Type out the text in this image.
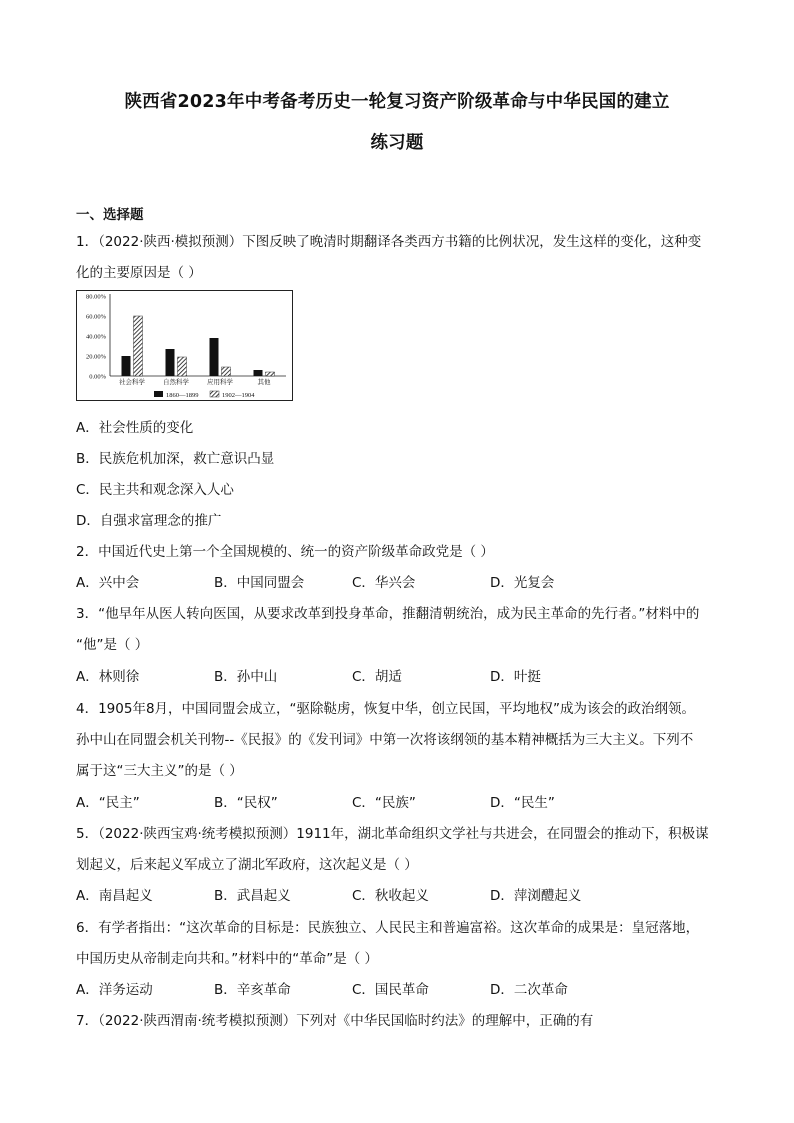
陕西省2023年中考备考历史一轮复习资产阶级革命与中华民国的建立
练习题
一、选择题
1．（2022·陕西·模拟预测）下图反映了晚清时期翻译各类西方书籍的比例状况，发生这样的变化，这种变
化的主要原因是（ ）
80.00%
60.00%
40.00%
20.00%
0.00%
社会科学	自然科学	应用科学	其他
1860—1899	1902—1904
A．社会性质的变化
B．民族危机加深，救亡意识凸显
C．民主共和观念深入人心
D．自强求富理念的推广
2．中国近代史上第一个全国规模的、统一的资产阶级革命政党是（ ）
A．兴中会	B．中国同盟会	C．华兴会	D．光复会
3．“他早年从医人转向医国，从要求改革到投身革命，推翻清朝统治，成为民主革命的先行者。”材料中的
“他”是（ ）
A．林则徐	B．孙中山	C．胡适	D．叶挺
4．1905年8月，中国同盟会成立，“驱除鞑虏，恢复中华，创立民国，平均地权”成为该会的政治纲领。
孙中山在同盟会机关刊物--《民报》的《发刊词》中第一次将该纲领的基本精神概括为三大主义。下列不
属于这“三大主义”的是（ ）
A．“民主”	B．“民权”	C．“民族”	D．“民生”
5．（2022·陕西宝鸡·统考模拟预测）1911年，湖北革命组织文学社与共进会，在同盟会的推动下，积极谋
划起义，后来起义军成立了湖北军政府，这次起义是（ ）
A．南昌起义	B．武昌起义	C．秋收起义	D．萍浏醴起义
6．有学者指出：“这次革命的目标是：民族独立、人民民主和普遍富裕。这次革命的成果是：皇冠落地，
中国历史从帝制走向共和。”材料中的“革命”是（ ）
A．洋务运动	B．辛亥革命	C．国民革命	D．二次革命
7．（2022·陕西渭南·统考模拟预测）下列对《中华民国临时约法》的理解中，正确的有
